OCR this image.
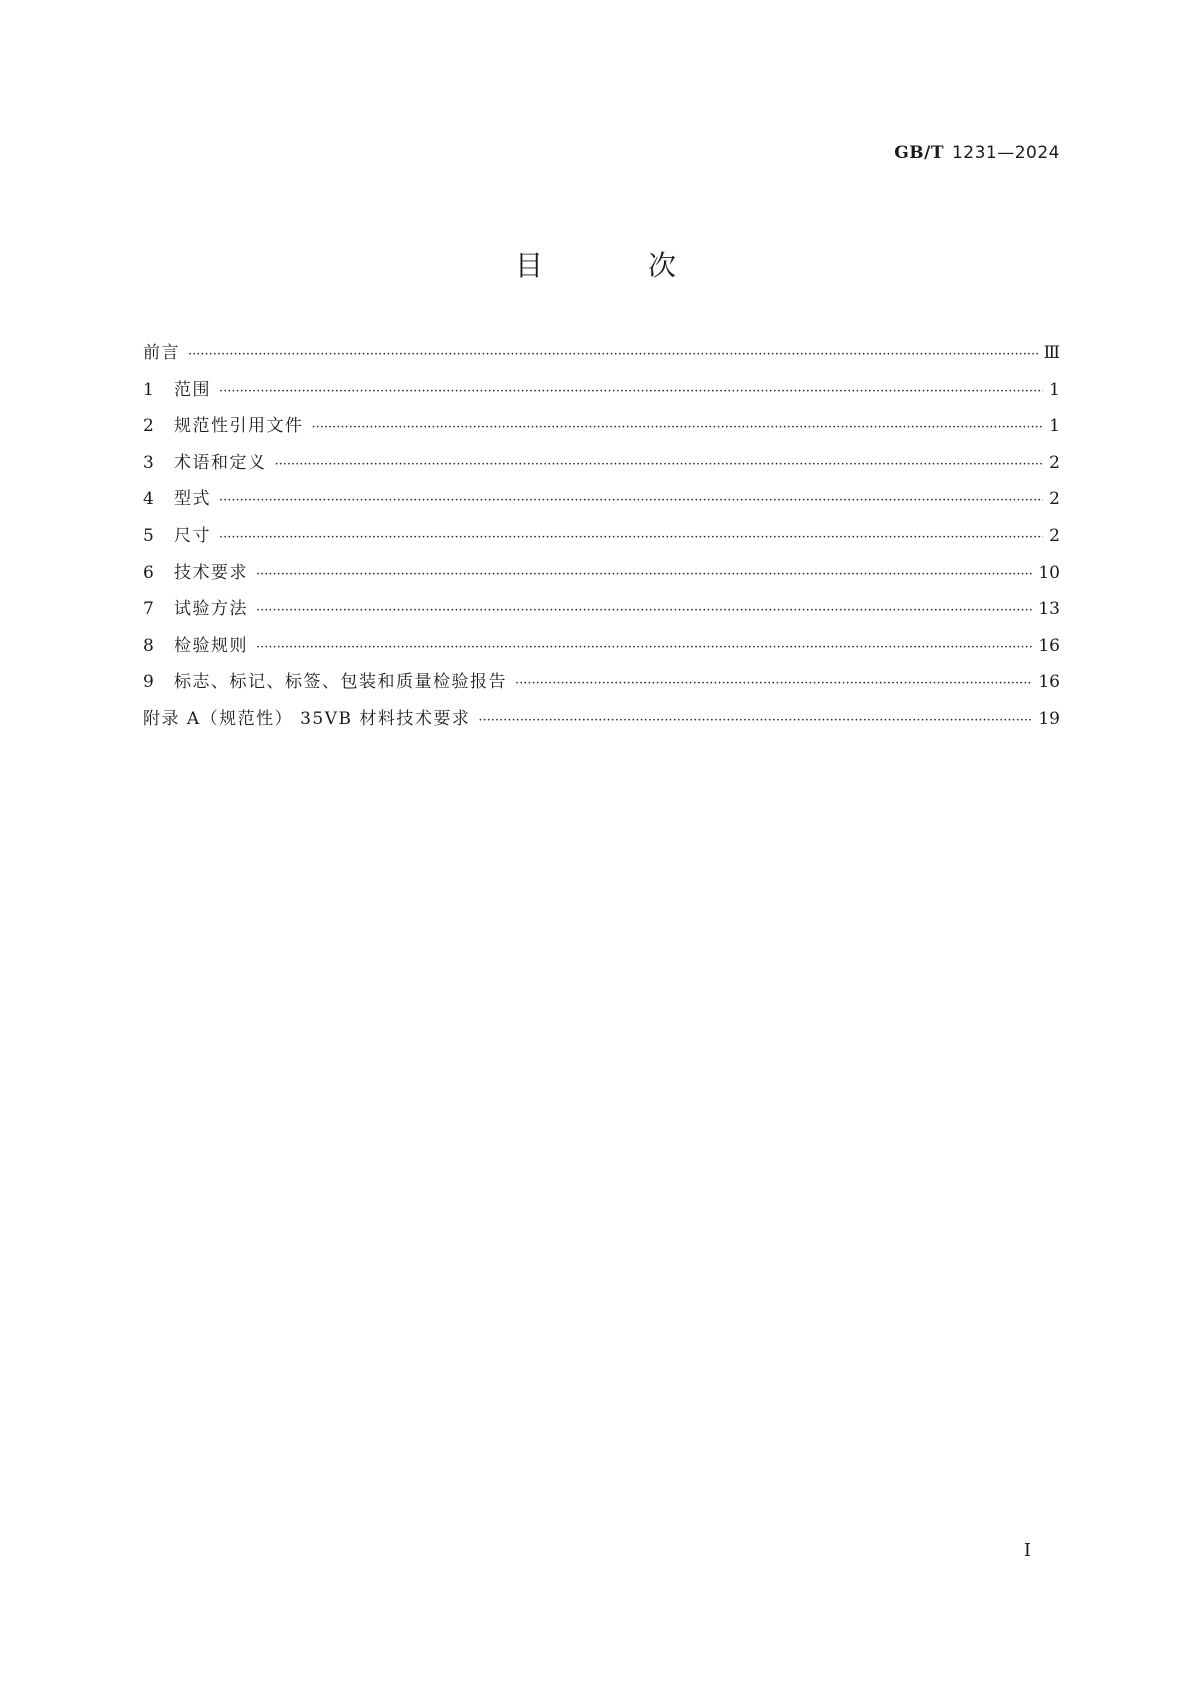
GB/T 1231—2024
目 次
前言 ·····	Ⅲ
1	范围 ·····	1
2	规范性引用文件 ·····	1
3	术语和定义 ·····	2
4	型式 ·····	2
5	尺寸 ·····	2
6	技术要求 ·····	10
7	试验方法 ·····	13
8	检验规则 ·····	16
9	标志、标记、标签、包装和质量检验报告 ·····	16
附录 A（规范性） 35VB 材料技术要求 ·····	19
Ⅰ
